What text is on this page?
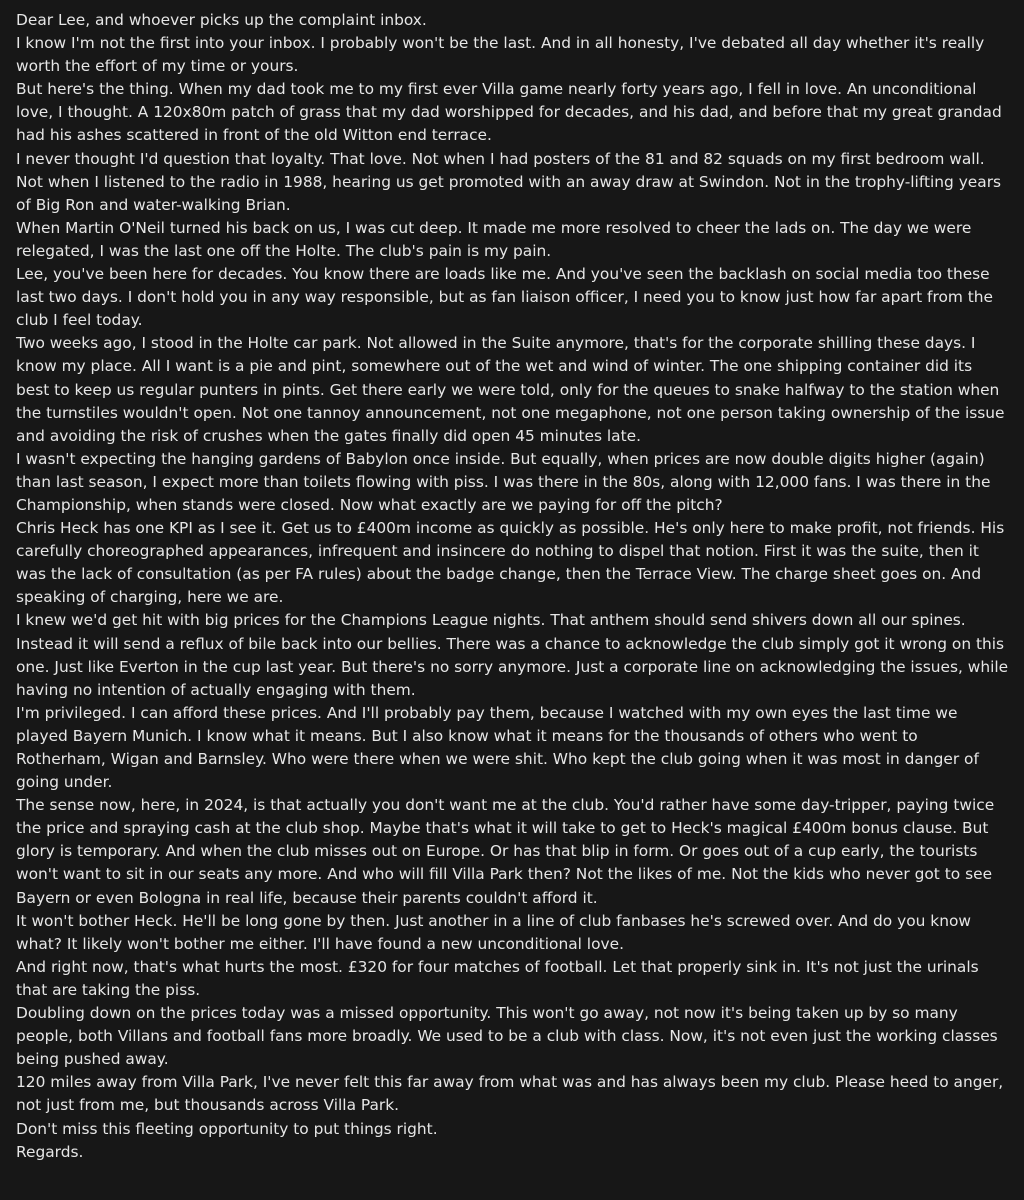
Dear Lee, and whoever picks up the complaint inbox.

I know I'm not the first into your inbox. I probably won't be the last. And in all honesty, I've debated all day whether it's really worth the effort of my time or yours.

But here's the thing. When my dad took me to my first ever Villa game nearly forty years ago, I fell in love. An unconditional love, I thought. A 120x80m patch of grass that my dad worshipped for decades, and his dad, and before that my great grandad had his ashes scattered in front of the old Witton end terrace.

I never thought I'd question that loyalty. That love. Not when I had posters of the 81 and 82 squads on my first bedroom wall. Not when I listened to the radio in 1988, hearing us get promoted with an away draw at Swindon. Not in the trophy-lifting years of Big Ron and water-walking Brian.

When Martin O'Neil turned his back on us, I was cut deep. It made me more resolved to cheer the lads on. The day we were relegated, I was the last one off the Holte. The club's pain is my pain.

Lee, you've been here for decades. You know there are loads like me. And you've seen the backlash on social media too these last two days. I don't hold you in any way responsible, but as fan liaison officer, I need you to know just how far apart from the club I feel today.

Two weeks ago, I stood in the Holte car park. Not allowed in the Suite anymore, that's for the corporate shilling these days. I know my place. All I want is a pie and pint, somewhere out of the wet and wind of winter. The one shipping container did its best to keep us regular punters in pints. Get there early we were told, only for the queues to snake halfway to the station when the turnstiles wouldn't open. Not one tannoy announcement, not one megaphone, not one person taking ownership of the issue and avoiding the risk of crushes when the gates finally did open 45 minutes late.

I wasn't expecting the hanging gardens of Babylon once inside. But equally, when prices are now double digits higher (again) than last season, I expect more than toilets flowing with piss. I was there in the 80s, along with 12,000 fans. I was there in the Championship, when stands were closed. Now what exactly are we paying for off the pitch?

Chris Heck has one KPI as I see it. Get us to £400m income as quickly as possible. He's only here to make profit, not friends. His carefully choreographed appearances, infrequent and insincere do nothing to dispel that notion. First it was the suite, then it was the lack of consultation (as per FA rules) about the badge change, then the Terrace View. The charge sheet goes on. And speaking of charging, here we are.

I knew we'd get hit with big prices for the Champions League nights. That anthem should send shivers down all our spines. Instead it will send a reflux of bile back into our bellies. There was a chance to acknowledge the club simply got it wrong on this one. Just like Everton in the cup last year. But there's no sorry anymore. Just a corporate line on acknowledging the issues, while having no intention of actually engaging with them.

I'm privileged. I can afford these prices. And I'll probably pay them, because I watched with my own eyes the last time we played Bayern Munich. I know what it means. But I also know what it means for the thousands of others who went to Rotherham, Wigan and Barnsley. Who were there when we were shit. Who kept the club going when it was most in danger of going under.

The sense now, here, in 2024, is that actually you don't want me at the club. You'd rather have some day-tripper, paying twice the price and spraying cash at the club shop. Maybe that's what it will take to get to Heck's magical £400m bonus clause. But glory is temporary. And when the club misses out on Europe. Or has that blip in form. Or goes out of a cup early, the tourists won't want to sit in our seats any more. And who will fill Villa Park then? Not the likes of me. Not the kids who never got to see Bayern or even Bologna in real life, because their parents couldn't afford it.

It won't bother Heck. He'll be long gone by then. Just another in a line of club fanbases he's screwed over. And do you know what? It likely won't bother me either. I'll have found a new unconditional love.

And right now, that's what hurts the most. £320 for four matches of football. Let that properly sink in. It's not just the urinals that are taking the piss.

Doubling down on the prices today was a missed opportunity. This won't go away, not now it's being taken up by so many people, both Villans and football fans more broadly. We used to be a club with class. Now, it's not even just the working classes being pushed away.

120 miles away from Villa Park, I've never felt this far away from what was and has always been my club. Please heed to anger, not just from me, but thousands across Villa Park.

Don't miss this fleeting opportunity to put things right.

Regards.
